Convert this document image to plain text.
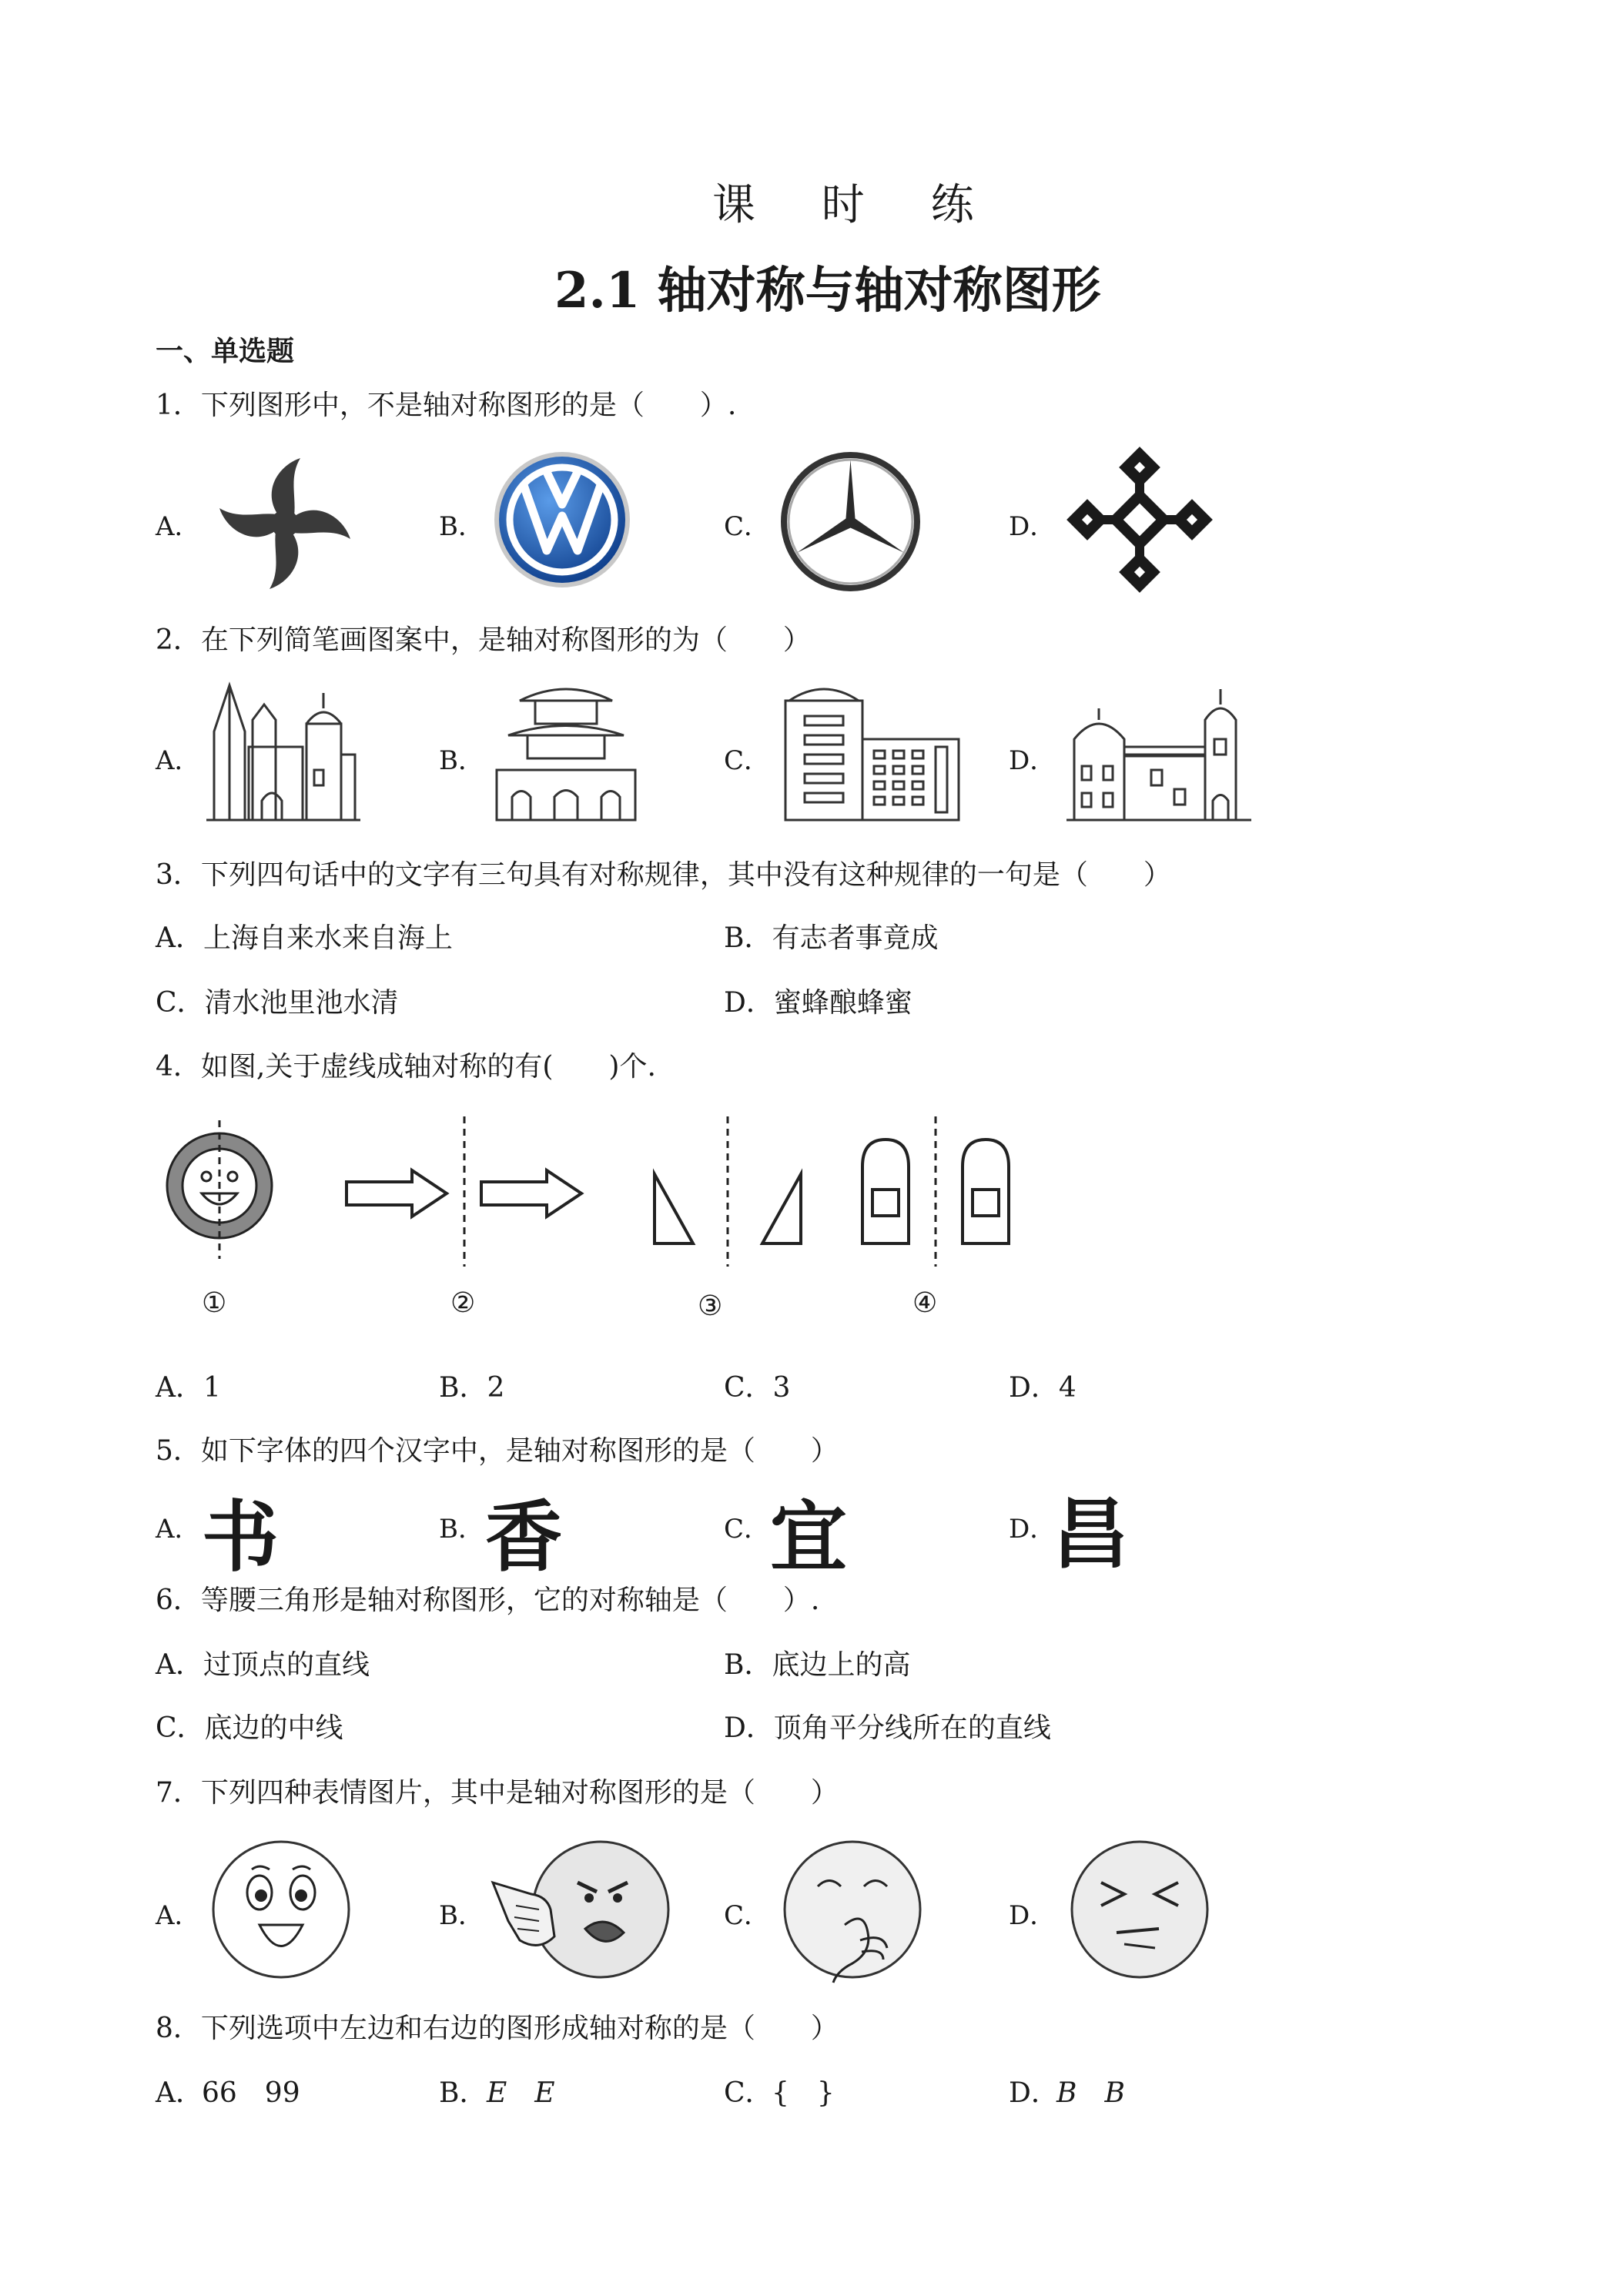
课 时 练
2.1 轴对称与轴对称图形
一、单选题
1．下列图形中，不是轴对称图形的是（　　）.
A．	B．	C．	D．
2．在下列简笔画图案中，是轴对称图形的为（　　）
A．	B．	C．	D．
3．下列四句话中的文字有三句具有对称规律，其中没有这种规律的一句是（　　）
A．上海自来水来自海上	B．有志者事竟成
C．清水池里池水清	D．蜜蜂酿蜂蜜
4．如图,关于虚线成轴对称的有(　　)个.
①	②	③	④
A．1	B．2	C．3	D．4
5．如下字体的四个汉字中，是轴对称图形的是（　　）
A． 书	B． 香	C． 宜	D．
昌
6．等腰三角形是轴对称图形，它的对称轴是（　　）.
A．过顶点的直线	B．底边上的高
C．底边的中线	D．顶角平分线所在的直线
7．下列四种表情图片，其中是轴对称图形的是（　　）
A．	B．	C．	D．
8．下列选项中左边和右边的图形成轴对称的是（　　）
A．
66　99	B． E　E	C．
{　}	D．
B　B
